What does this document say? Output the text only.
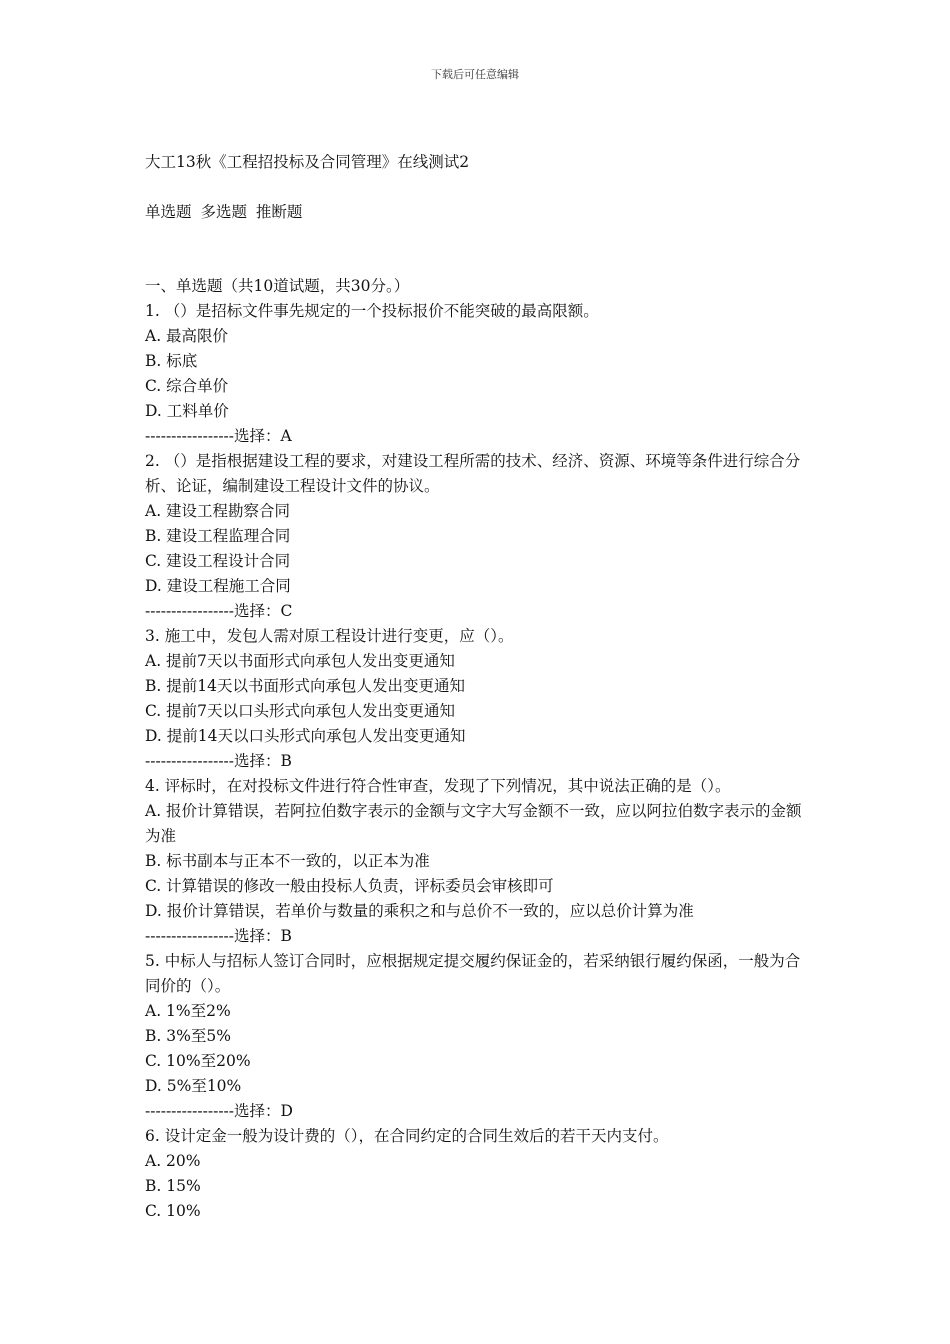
下载后可任意编辑
大工13秋《工程招投标及合同管理》在线测试2
单选题 多选题 推断题
一、单选题（共10道试题，共30分。）
1. （）是招标文件事先规定的一个投标报价不能突破的最高限额。
A. 最高限价
B. 标底
C. 综合单价
D. 工料单价
-----------------选择：A
2. （）是指根据建设工程的要求，对建设工程所需的技术、经济、资源、环境等条件进行综合分析、论证，编制建设工程设计文件的协议。
A. 建设工程勘察合同
B. 建设工程监理合同
C. 建设工程设计合同
D. 建设工程施工合同
-----------------选择：C
3. 施工中，发包人需对原工程设计进行变更，应（）。
A. 提前7天以书面形式向承包人发出变更通知
B. 提前14天以书面形式向承包人发出变更通知
C. 提前7天以口头形式向承包人发出变更通知
D. 提前14天以口头形式向承包人发出变更通知
-----------------选择：B
4. 评标时，在对投标文件进行符合性审查，发现了下列情况，其中说法正确的是（）。
A. 报价计算错误，若阿拉伯数字表示的金额与文字大写金额不一致，应以阿拉伯数字表示的金额为准
B. 标书副本与正本不一致的，以正本为准
C. 计算错误的修改一般由投标人负责，评标委员会审核即可
D. 报价计算错误，若单价与数量的乘积之和与总价不一致的，应以总价计算为准
-----------------选择：B
5. 中标人与招标人签订合同时，应根据规定提交履约保证金的，若采纳银行履约保函，一般为合同价的（）。
A. 1%至2%
B. 3%至5%
C. 10%至20%
D. 5%至10%
-----------------选择：D
6. 设计定金一般为设计费的（），在合同约定的合同生效后的若干天内支付。
A. 20%
B. 15%
C. 10%
